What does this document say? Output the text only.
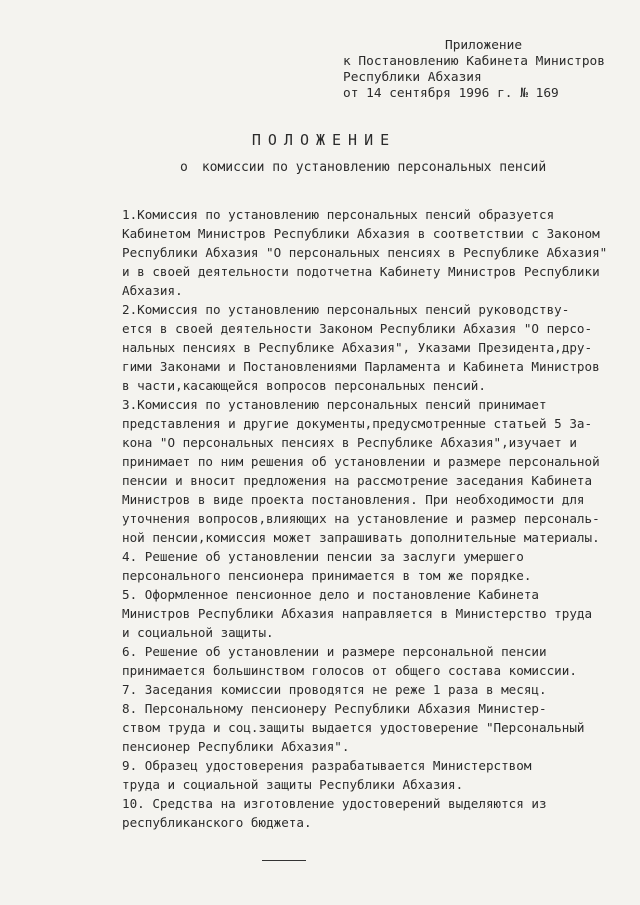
Приложение
к Постановлению Кабинета Министров
Республики Абхазия
от 14 сентября 1996 г. № 169
ПОЛОЖЕНИЕ
о комиссии по установлению персональных пенсий
1.Комиссия по установлению персональных пенсий образуется
Кабинетом Министров Республики Абхазия в соответствии с Законом
Республики Абхазия "О персональных пенсиях в Республике Абхазия"
и в своей деятельности подотчетна Кабинету Министров Республики
Абхазия.
2.Комиссия по установлению персональных пенсий руководству-
ется в своей деятельности Законом Республики Абхазия "О персо-
нальных пенсиях в Республике Абхазия", Указами Президента,дру-
гими Законами и Постановлениями Парламента и Кабинета Министров
в части,касающейся вопросов персональных пенсий.
3.Комиссия по установлению персональных пенсий принимает
представления и другие документы,предусмотренные статьей 5 За-
кона "О персональных пенсиях в Республике Абхазия",изучает и
принимает по ним решения об установлении и размере персональной
пенсии и вносит предложения на рассмотрение заседания Кабинета
Министров в виде проекта постановления. При необходимости для
уточнения вопросов,влияющих на установление и размер персональ-
ной пенсии,комиссия может запрашивать дополнительные материалы.
4. Решение об установлении пенсии за заслуги умершего
персонального пенсионера принимается в том же порядке.
5. Оформленное пенсионное дело и постановление Кабинета
Министров Республики Абхазия направляется в Министерство труда
и социальной защиты.
6. Решение об установлении и размере персональной пенсии
принимается большинством голосов от общего состава комиссии.
7. Заседания комиссии проводятся не реже 1 раза в месяц.
8. Персональному пенсионеру Республики Абхазия Министер-
ством труда и соц.защиты выдается удостоверение "Персональный
пенсионер Республики Абхазия".
9. Образец удостоверения разрабатывается Министерством
труда и социальной защиты Республики Абхазия.
10. Средства на изготовление удостоверений выделяются из
республиканского бюджета.
